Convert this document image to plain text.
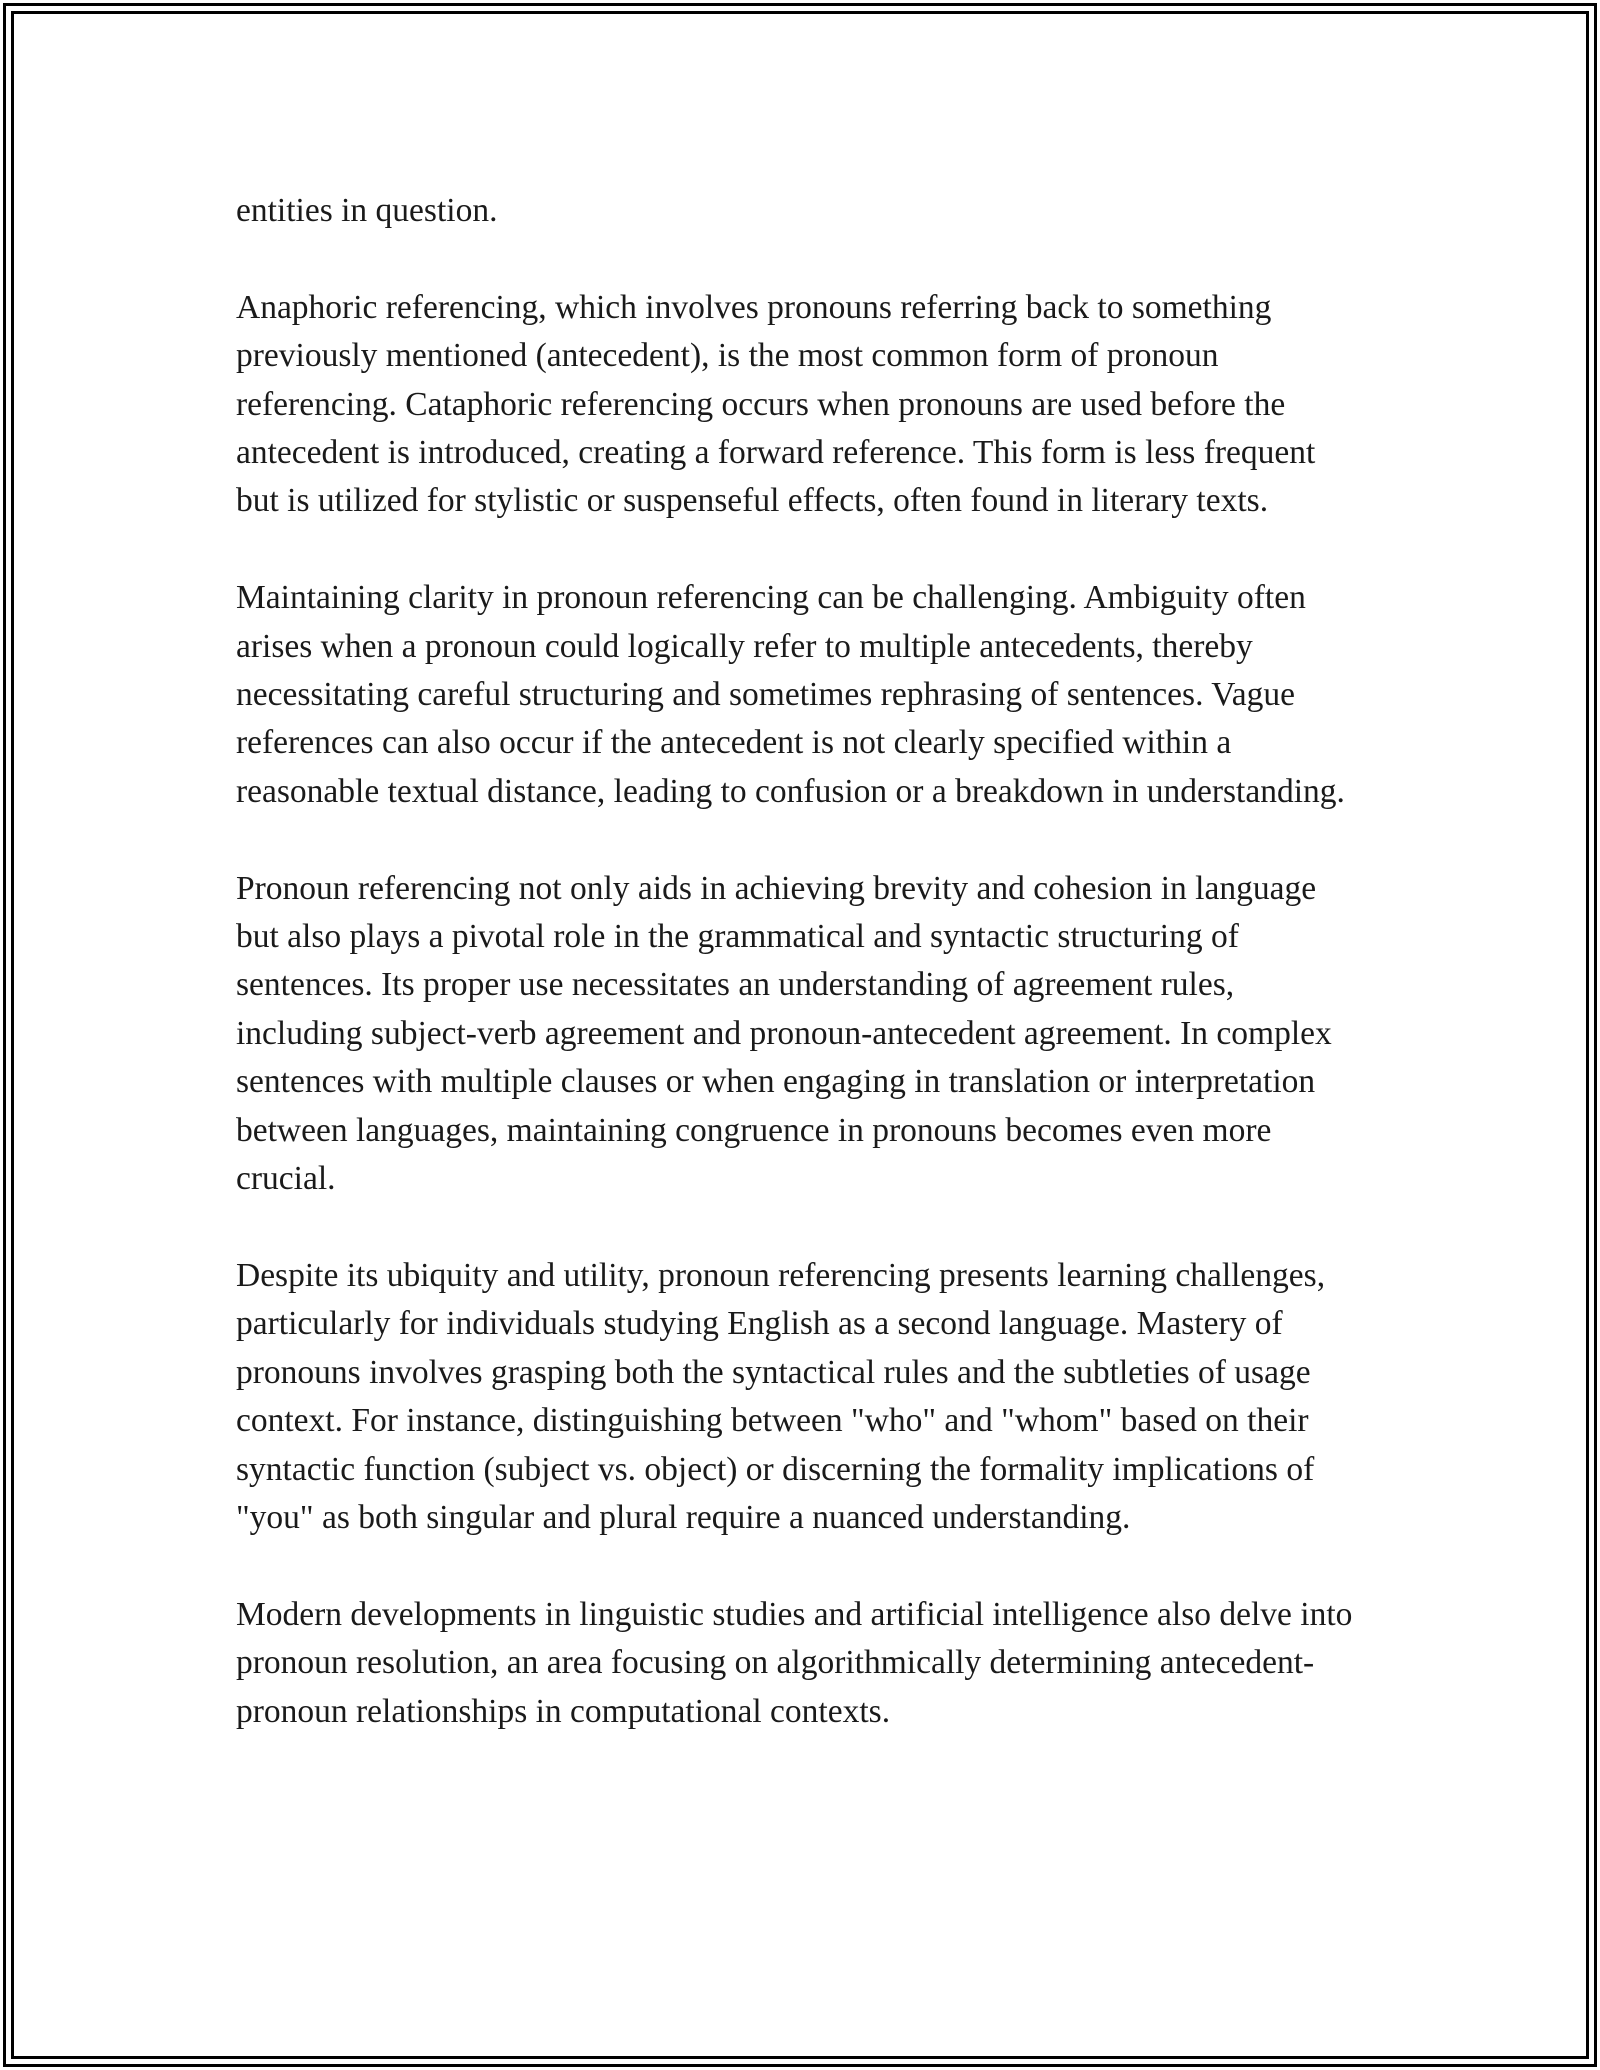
entities in question.

Anaphoric referencing, which involves pronouns referring back to something previously mentioned (antecedent), is the most common form of pronoun referencing. Cataphoric referencing occurs when pronouns are used before the antecedent is introduced, creating a forward reference. This form is less frequent but is utilized for stylistic or suspenseful effects, often found in literary texts.

Maintaining clarity in pronoun referencing can be challenging. Ambiguity often arises when a pronoun could logically refer to multiple antecedents, thereby necessitating careful structuring and sometimes rephrasing of sentences. Vague references can also occur if the antecedent is not clearly specified within a reasonable textual distance, leading to confusion or a breakdown in understanding.

Pronoun referencing not only aids in achieving brevity and cohesion in language but also plays a pivotal role in the grammatical and syntactic structuring of sentences. Its proper use necessitates an understanding of agreement rules, including subject-verb agreement and pronoun-antecedent agreement. In complex sentences with multiple clauses or when engaging in translation or interpretation between languages, maintaining congruence in pronouns becomes even more crucial.

Despite its ubiquity and utility, pronoun referencing presents learning challenges, particularly for individuals studying English as a second language. Mastery of pronouns involves grasping both the syntactical rules and the subtleties of usage context. For instance, distinguishing between "who" and "whom" based on their syntactic function (subject vs. object) or discerning the formality implications of "you" as both singular and plural require a nuanced understanding.

Modern developments in linguistic studies and artificial intelligence also delve into pronoun resolution, an area focusing on algorithmically determining antecedent-pronoun relationships in computational contexts.
